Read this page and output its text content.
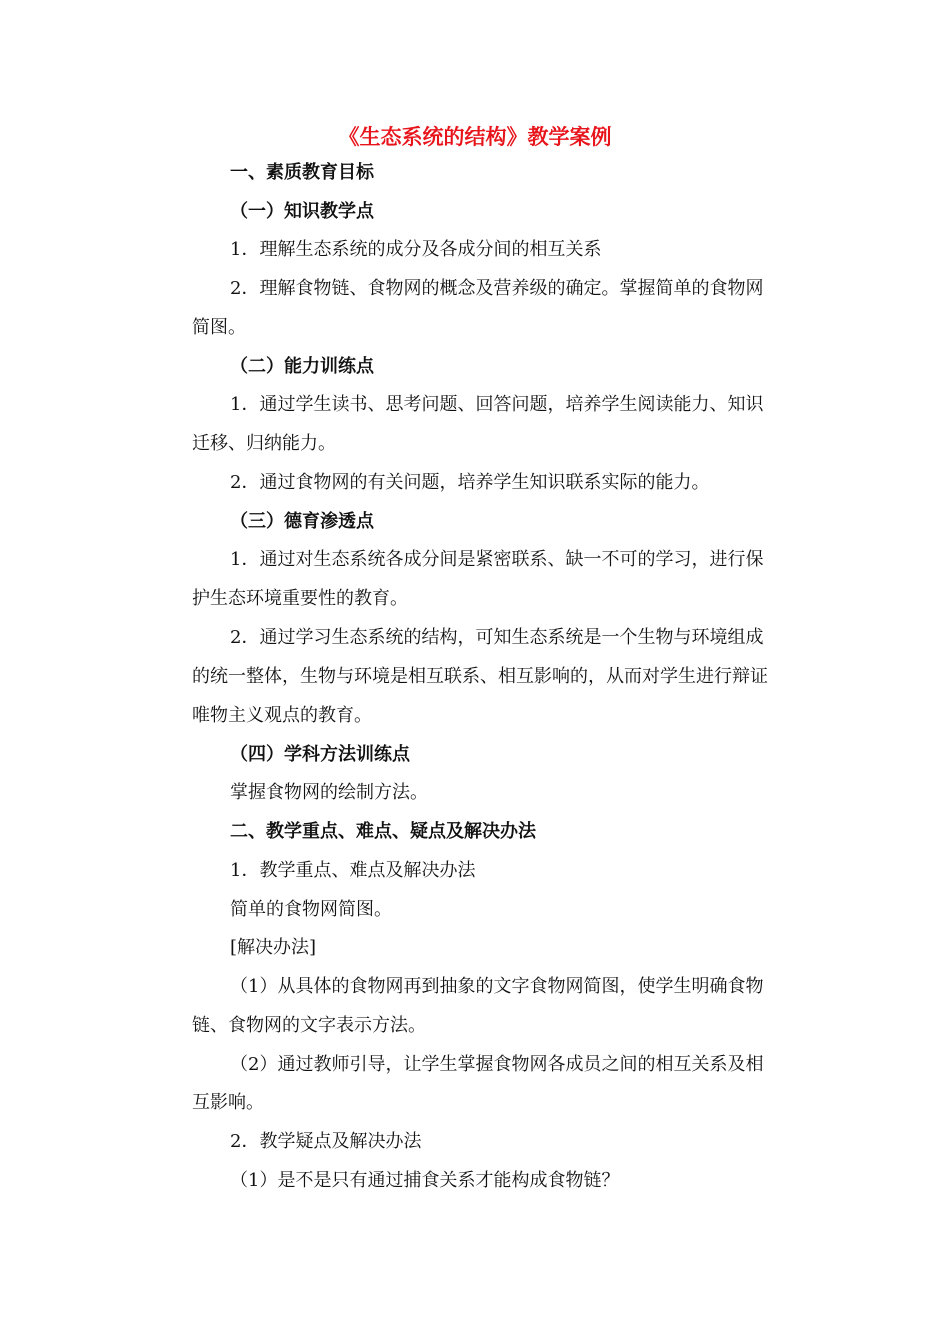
《生态系统的结构》教学案例
一、素质教育目标
（一）知识教学点
1．理解生态系统的成分及各成分间的相互关系
2．理解食物链、食物网的概念及营养级的确定。掌握简单的食物网
简图。
（二）能力训练点
1．通过学生读书、思考问题、回答问题，培养学生阅读能力、知识
迁移、归纳能力。
2．通过食物网的有关问题，培养学生知识联系实际的能力。
（三）德育渗透点
1．通过对生态系统各成分间是紧密联系、缺一不可的学习，进行保
护生态环境重要性的教育。
2．通过学习生态系统的结构，可知生态系统是一个生物与环境组成
的统一整体，生物与环境是相互联系、相互影响的，从而对学生进行辩证
唯物主义观点的教育。
（四）学科方法训练点
掌握食物网的绘制方法。
二、教学重点、难点、疑点及解决办法
1．教学重点、难点及解决办法
简单的食物网简图。
[解决办法]
（1）从具体的食物网再到抽象的文字食物网简图，使学生明确食物
链、食物网的文字表示方法。
（2）通过教师引导，让学生掌握食物网各成员之间的相互关系及相
互影响。
2．教学疑点及解决办法
（1）是不是只有通过捕食关系才能构成食物链？
